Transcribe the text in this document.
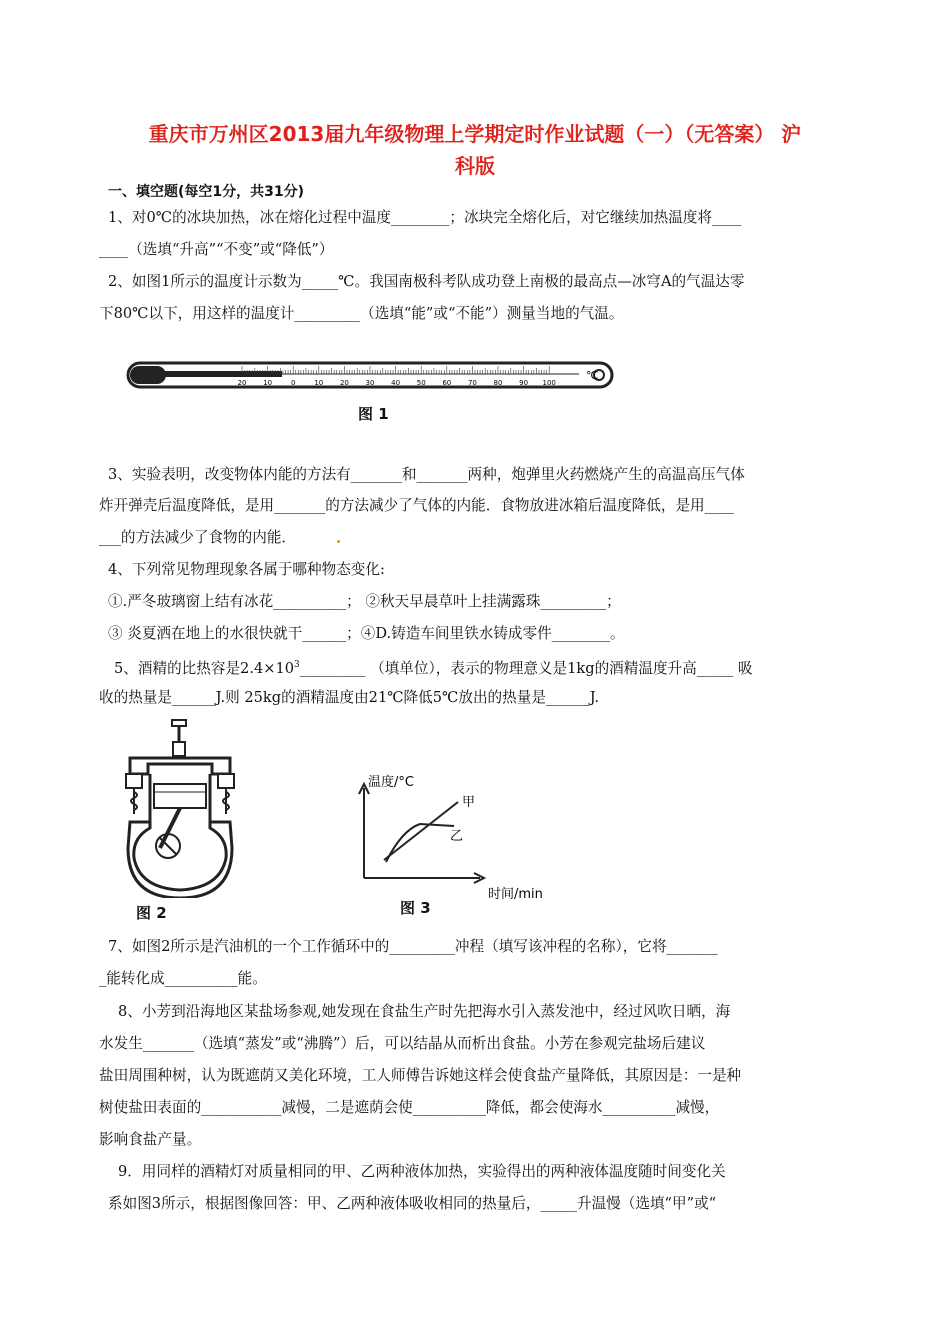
重庆市万州区2013届九年级物理上学期定时作业试题（一）（无答案） 沪
科版
一、填空题(每空1分，共31分)
1、对0℃的冰块加热，冰在熔化过程中温度________；冰块完全熔化后，对它继续加热温度将____
____（选填“升高”“不变”或“降低”）
2、如图1所示的温度计示数为_____℃。我国南极科考队成功登上南极的最高点—冰穹A的气温达零
下80℃以下，用这样的温度计_________（选填“能”或“不能”）测量当地的气温。
20 10	0	10 20 30 40 50 60 70 80 90 100
℃
图 1
3、实验表明，改变物体内能的方法有_______和_______两种，炮弹里火药燃烧产生的高温高压气体
炸开弹壳后温度降低，是用_______的方法减少了气体的内能．食物放进冰箱后温度降低，是用____
___的方法减少了食物的内能．
4、下列常见物理现象各属于哪种物态变化:
①.严冬玻璃窗上结有冰花__________； ②秋天早晨草叶上挂满露珠_________；
③ 炎夏洒在地上的水很快就干______；④D.铸造车间里铁水铸成零件________。
5、酒精的比热容是$2.4\times 10^3\_\_\_\_\_\_\_\_\_$ （填单位），表示的物理意义是1kg的酒精温度升高_____ 吸
收的热量是______J.则 25kg的酒精温度由21℃降低5℃放出的热量是______J.
图 2
温度/°C
甲
乙
时间/min
图 3
7、如图2所示是汽油机的一个工作循环中的_________冲程（填写该冲程的名称），它将_______
_能转化成__________能。
8、小芳到沿海地区某盐场参观,她发现在食盐生产时先把海水引入蒸发池中，经过风吹日晒，海
水发生_______（选填“蒸发”或“沸腾”）后，可以结晶从而析出食盐。小芳在参观完盐场后建议
盐田周围种树，认为既遮荫又美化环境，工人师傅告诉她这样会使食盐产量降低，其原因是：一是种
树使盐田表面的___________减慢，二是遮荫会使__________降低，都会使海水__________减慢，
影响食盐产量。
9．用同样的酒精灯对质量相同的甲、乙两种液体加热，实验得出的两种液体温度随时间变化关
系如图3所示，根据图像回答：甲、乙两种液体吸收相同的热量后，_____升温慢（选填“甲”或“
